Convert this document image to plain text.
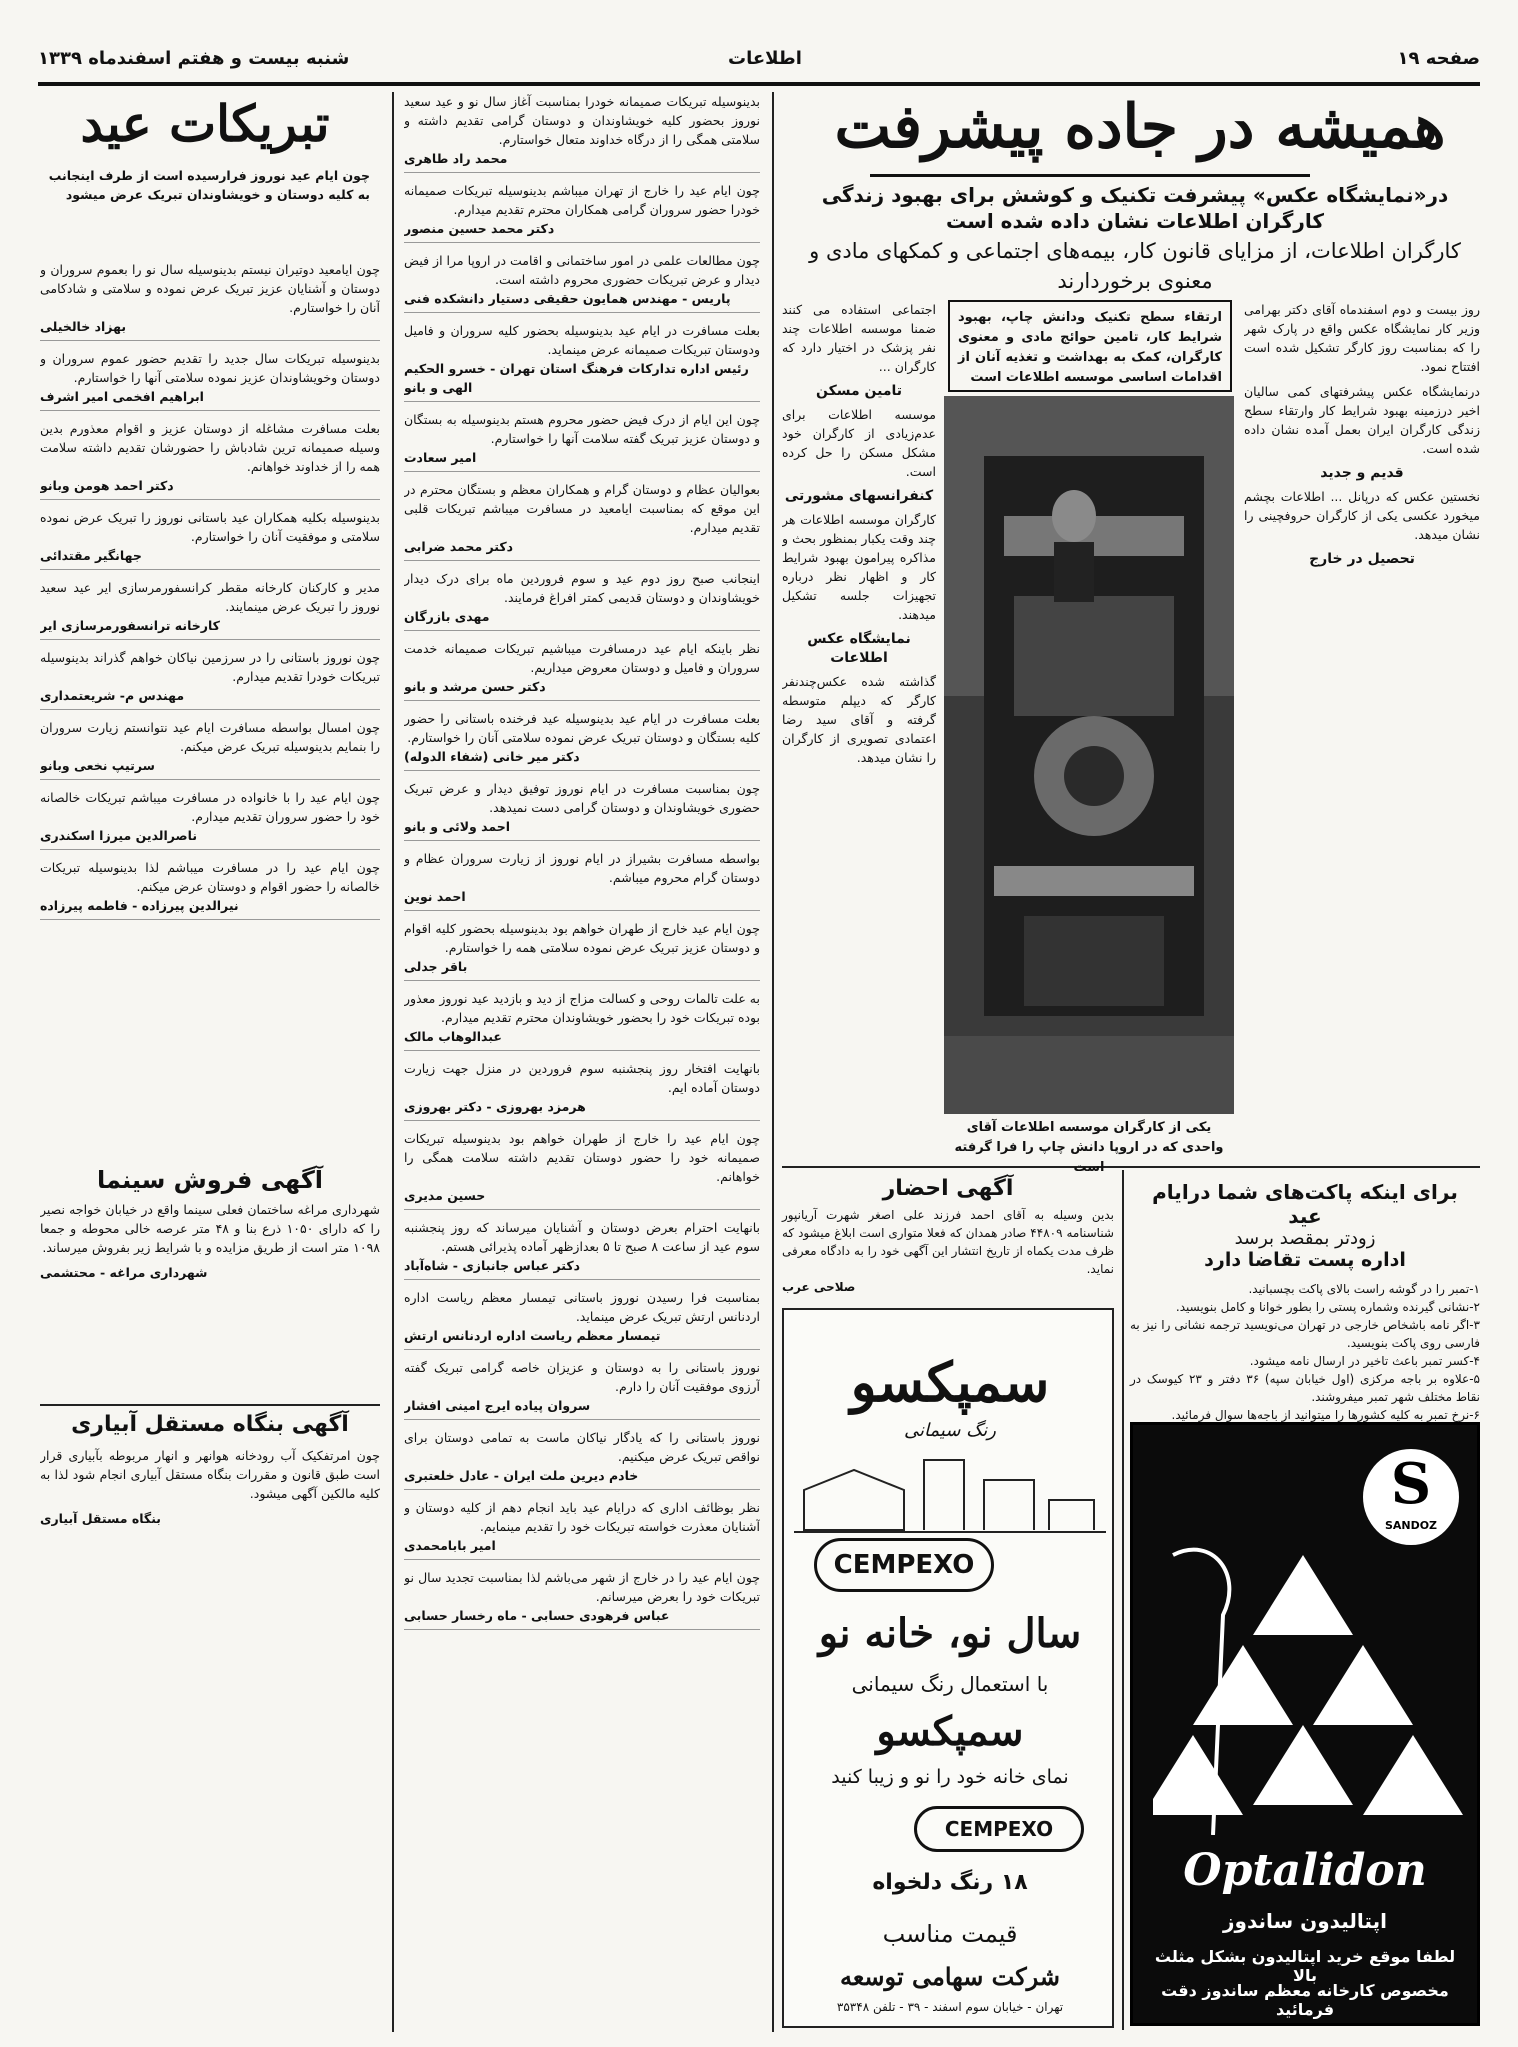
صفحه ۱۹
اطلاعات
شنبه بیست و هفتم اسفندماه ۱۳۳۹
همیشه در جاده پیشرفت
در«نمایشگاه عکس» پیشرفت تکنیک و کوشش برای بهبود زندگی کارگران اطلاعات نشان داده شده است
کارگران اطلاعات، از مزایای قانون کار، بیمه‌های اجتماعی و کمکهای مادی و معنوی برخوردارند

روز بیست و دوم اسفندماه آقای دکتر بهرامی وزیر کار نمایشگاه عکس واقع در پارک شهر را که بمناسبت روز کارگر تشکیل شده است افتتاح نمود.

درنمایشگاه عکس پیشرفتهای کمی سالیان اخیر درزمینه بهبود شرایط کار وارتقاء سطح زندگی کارگران ایران بعمل آمده نشان داده شده است.

قدیم و جدید

نخستین عکس که درپانل ... اطلاعات بچشم میخورد عکسی یکی از کارگران حروفچینی را نشان میدهد.

تحصیل در خارج
ارتقاء سطح تکنیک ودانش چاپ، بهبود شرایط کار، تامین حوائج مادی و معنوی کارگران، کمک به بهداشت و تغذیه آنان از اقدامات اساسی موسسه اطلاعات است

اجتماعی استفاده می کنند ضمنا موسسه اطلاعات چند نفر پزشک در اختیار دارد که کارگران ...

تامین مسکن

موسسه اطلاعات برای عدم‌زیادی از کارگران خود مشکل مسکن را حل کرده است.

کنفرانسهای مشورتی

کارگران موسسه اطلاعات هر چند وقت یکبار بمنظور بحث و مذاکره پیرامون بهبود شرایط کار و اظهار نظر درباره تجهیزات جلسه تشکیل میدهند.

نمایشگاه عکس اطلاعات

گذاشته شده عکس‌چندنفر کارگر که دیپلم متوسطه گرفته و آقای سید رضا اعتمادی تصویری از کارگران را نشان میدهد.

یکی از کارگران موسسه اطلاعات آقای واحدی که در اروپا دانش چاپ را فرا گرفته است
آگهی احضار
بدین وسیله به آقای احمد فرزند علی اصغر شهرت آریانپور شناسنامه ۴۴۸۰۹ صادر همدان که فعلا متواری است ابلاغ میشود که ظرف مدت یکماه از تاریخ انتشار این آگهی خود را به دادگاه معرفی نماید.
صلاحی عرب
سمپکسو
رنگ سیمانی
CEMPEXO
سال نو، خانه نو
با استعمال رنگ سیمانی
سمپکسو
نمای خانه خود را نو و زیبا کنید
CEMPEXO
۱۸ رنگ دلخواه
قیمت مناسب
شرکت سهامی توسعه
تهران - خیابان سوم اسفند - ۳۹ - تلفن ۳۵۳۴۸
برای اینکه پاکت‌های شما درایام عید
زودتر بمقصد برسد
اداره پست تقاضا دارد
۱-تمبر را در گوشه راست بالای پاکت بچسبانید.
۲-نشانی گیرنده وشماره پستی را بطور خوانا و کامل بنویسید.
۳-اگر نامه باشخاص خارجی در تهران می‌نویسید ترجمه نشانی را نیز به فارسی روی پاکت بنویسید.
۴-کسر تمبر باعث تاخیر در ارسال نامه میشود.
۵-علاوه بر باجه مرکزی (اول خیابان سپه) ۳۶ دفتر و ۲۳ کیوسک در نقاط مختلف شهر تمبر میفروشند.
۶-نرخ تمبر به کلیه کشورها را میتوانید از باجه‌ها سوال فرمائید.
S
SANDOZ
Optalidon
اپتالیدون ساندوز
لطفا موقع خرید اپتالیدون بشکل مثلث بالا
مخصوص کارخانه معظم ساندوز دقت فرمائید
تبریکات عید
چون ایام عید نوروز فرارسیده است از طرف اینجانب به کلیه دوستان و خویشاوندان تبریک عرض میشود
چون ایامعید دوتیران نیستم بدینوسیله سال نو را بعموم سروران و دوستان و آشنایان عزیز تبریک عرض نموده و سلامتی و شادکامی آنان را خواستارم.
بهزاد خالخیلی
بدینوسیله تبریکات سال جدید را تقدیم حضور عموم سروران و دوستان وخویشاوندان عزیز نموده سلامتی آنها را خواستارم.
ابراهیم افخمی امیر اشرف
بعلت مسافرت مشاغله از دوستان عزیز و اقوام معذورم بدین وسیله صمیمانه ترین شادباش را حضورشان تقدیم داشته سلامت همه را از خداوند خواهانم.
دکتر احمد هومن وبانو
بدینوسیله بکلیه همکاران عید باستانی نوروز را تبریک عرض نموده سلامتی و موفقیت آنان را خواستارم.
جهانگیر مقتدائی
مدیر و کارکنان کارخانه مقطر کرانسفورمرسازی ایر عید سعید نوروز را تبریک عرض مینمایند.
کارخانه ترانسفورمرسازی ایر
چون نوروز باستانی را در سرزمین نیاکان خواهم گذراند بدینوسیله تبریکات خودرا تقدیم میدارم.
مهندس م- شریعتمداری
چون امسال بواسطه مسافرت ایام عید نتوانستم زیارت سروران را بنمایم بدینوسیله تبریک عرض میکنم.
سرتیپ نخعی وبانو
چون ایام عید را با خانواده در مسافرت میباشم تبریکات خالصانه خود را حضور سروران تقدیم میدارم.
ناصرالدین میرزا اسکندری
چون ایام عید را در مسافرت میباشم لذا بدینوسیله تبریکات خالصانه را حضور اقوام و دوستان عرض میکنم.
نیرالدین پیرزاده - فاطمه پیرزاده
بدینوسیله تبریکات صمیمانه خودرا بمناسبت آغاز سال نو و عید سعید نوروز بحضور کلیه خویشاوندان و دوستان گرامی تقدیم داشته و سلامتی همگی را از درگاه خداوند متعال خواستارم.
محمد راد طاهری
چون ایام عید را خارج از تهران میباشم بدینوسیله تبریکات صمیمانه خودرا حضور سروران گرامی همکاران محترم تقدیم میدارم.
دکتر محمد حسین منصور
چون مطالعات علمی در امور ساختمانی و اقامت در اروپا مرا از فیض دیدار و عرض تبریکات حضوری محروم داشته است.
پاریس - مهندس همایون حقیقی دستیار دانشکده فنی
بعلت مسافرت در ایام عید بدینوسیله بحضور کلیه سروران و فامیل ودوستان تبریکات صمیمانه عرض مینماید.
رئیس اداره تدارکات فرهنگ استان تهران - خسرو الحکیم الهی و بانو
چون این ایام از درک فیض حضور محروم هستم بدینوسیله به بستگان و دوستان عزیز تبریک گفته سلامت آنها را خواستارم.
امیر سعادت
بعوالیان عظام و دوستان گرام و همکاران معظم و بستگان محترم در این موقع که بمناسبت ایامعید در مسافرت میباشم تبریکات قلبی تقدیم میدارم.
دکتر محمد ضرابی
اینجانب صبح روز دوم عید و سوم فروردین ماه برای درک دیدار خویشاوندان و دوستان قدیمی کمتر افراغ فرمایند.
مهدی بازرگان
نظر باینکه ایام عید درمسافرت میباشیم تبریکات صمیمانه خدمت سروران و فامیل و دوستان معروض میداریم.
دکتر حسن مرشد و بانو
بعلت مسافرت در ایام عید بدینوسیله عید فرخنده باستانی را حضور کلیه بستگان و دوستان تبریک عرض نموده سلامتی آنان را خواستارم.
دکتر میر خانی (شفاء الدوله)
چون بمناسبت مسافرت در ایام نوروز توفیق دیدار و عرض تبریک حضوری خویشاوندان و دوستان گرامی دست نمیدهد.
احمد ولائی و بانو
بواسطه مسافرت بشیراز در ایام نوروز از زیارت سروران عظام و دوستان گرام محروم میباشم.
احمد نوین
چون ایام عید خارج از طهران خواهم بود بدینوسیله بحضور کلیه اقوام و دوستان عزیز تبریک عرض نموده سلامتی همه را خواستارم.
باقر جدلی
به علت تالمات روحی و کسالت مزاج از دید و بازدید عید نوروز معذور بوده تبریکات خود را بحضور خویشاوندان محترم تقدیم میدارم.
عبدالوهاب مالک
بانهایت افتخار روز پنجشنبه سوم فروردین در منزل جهت زیارت دوستان آماده ایم.
هرمزد بهروزی - دکتر بهروزی
چون ایام عید را خارج از طهران خواهم بود بدینوسیله تبریکات صمیمانه خود را حضور دوستان تقدیم داشته سلامت همگی را خواهانم.
حسین مدیری
بانهایت احترام بعرض دوستان و آشنایان میرساند که روز پنجشنبه سوم عید از ساعت ۸ صبح تا ۵ بعدازظهر آماده پذیرائی هستم.
دکتر عباس جانبازی - شاه‌آباد
بمناسبت فرا رسیدن نوروز باستانی تیمسار معظم ریاست اداره اردنانس ارتش تبریک عرض مینماید.
تیمسار معظم ریاست اداره اردنانس ارتش
نوروز باستانی را به دوستان و عزیزان خاصه گرامی تبریک گفته آرزوی موفقیت آنان را دارم.
سروان پیاده ایرج امینی افشار
نوروز باستانی را که یادگار نیاکان ماست به تمامی دوستان برای نواقص تبریک عرض میکنیم.
خادم دیرین ملت ایران - عادل خلعتبری
نظر بوظائف اداری که درایام عید باید انجام دهم از کلیه دوستان و آشنایان معذرت خواسته تبریکات خود را تقدیم مینمایم.
امیر بابامحمدی
چون ایام عید را در خارج از شهر می‌باشم لذا بمناسبت تجدید سال نو تبریکات خود را بعرض میرسانم.
عباس فرهودی حسابی - ماه رخسار حسابی
آگهی فروش سینما

شهرداری مراغه ساختمان فعلی سینما واقع در خیابان خواجه نصیر را که دارای ۱۰۵۰ ذرع بنا و ۴۸ متر عرصه خالی محوطه و جمعا ۱۰۹۸ متر است از طریق مزایده و با شرایط زیر بفروش میرساند.

شهرداری مراغه - محتشمی
آگهی بنگاه مستقل آبیاری

چون امرتفکیک آب رودخانه هوانهر و انهار مربوطه بآبیاری قرار است طبق قانون و مقررات بنگاه مستقل آبیاری انجام شود لذا به کلیه مالکین آگهی میشود.

بنگاه مستقل آبیاری
